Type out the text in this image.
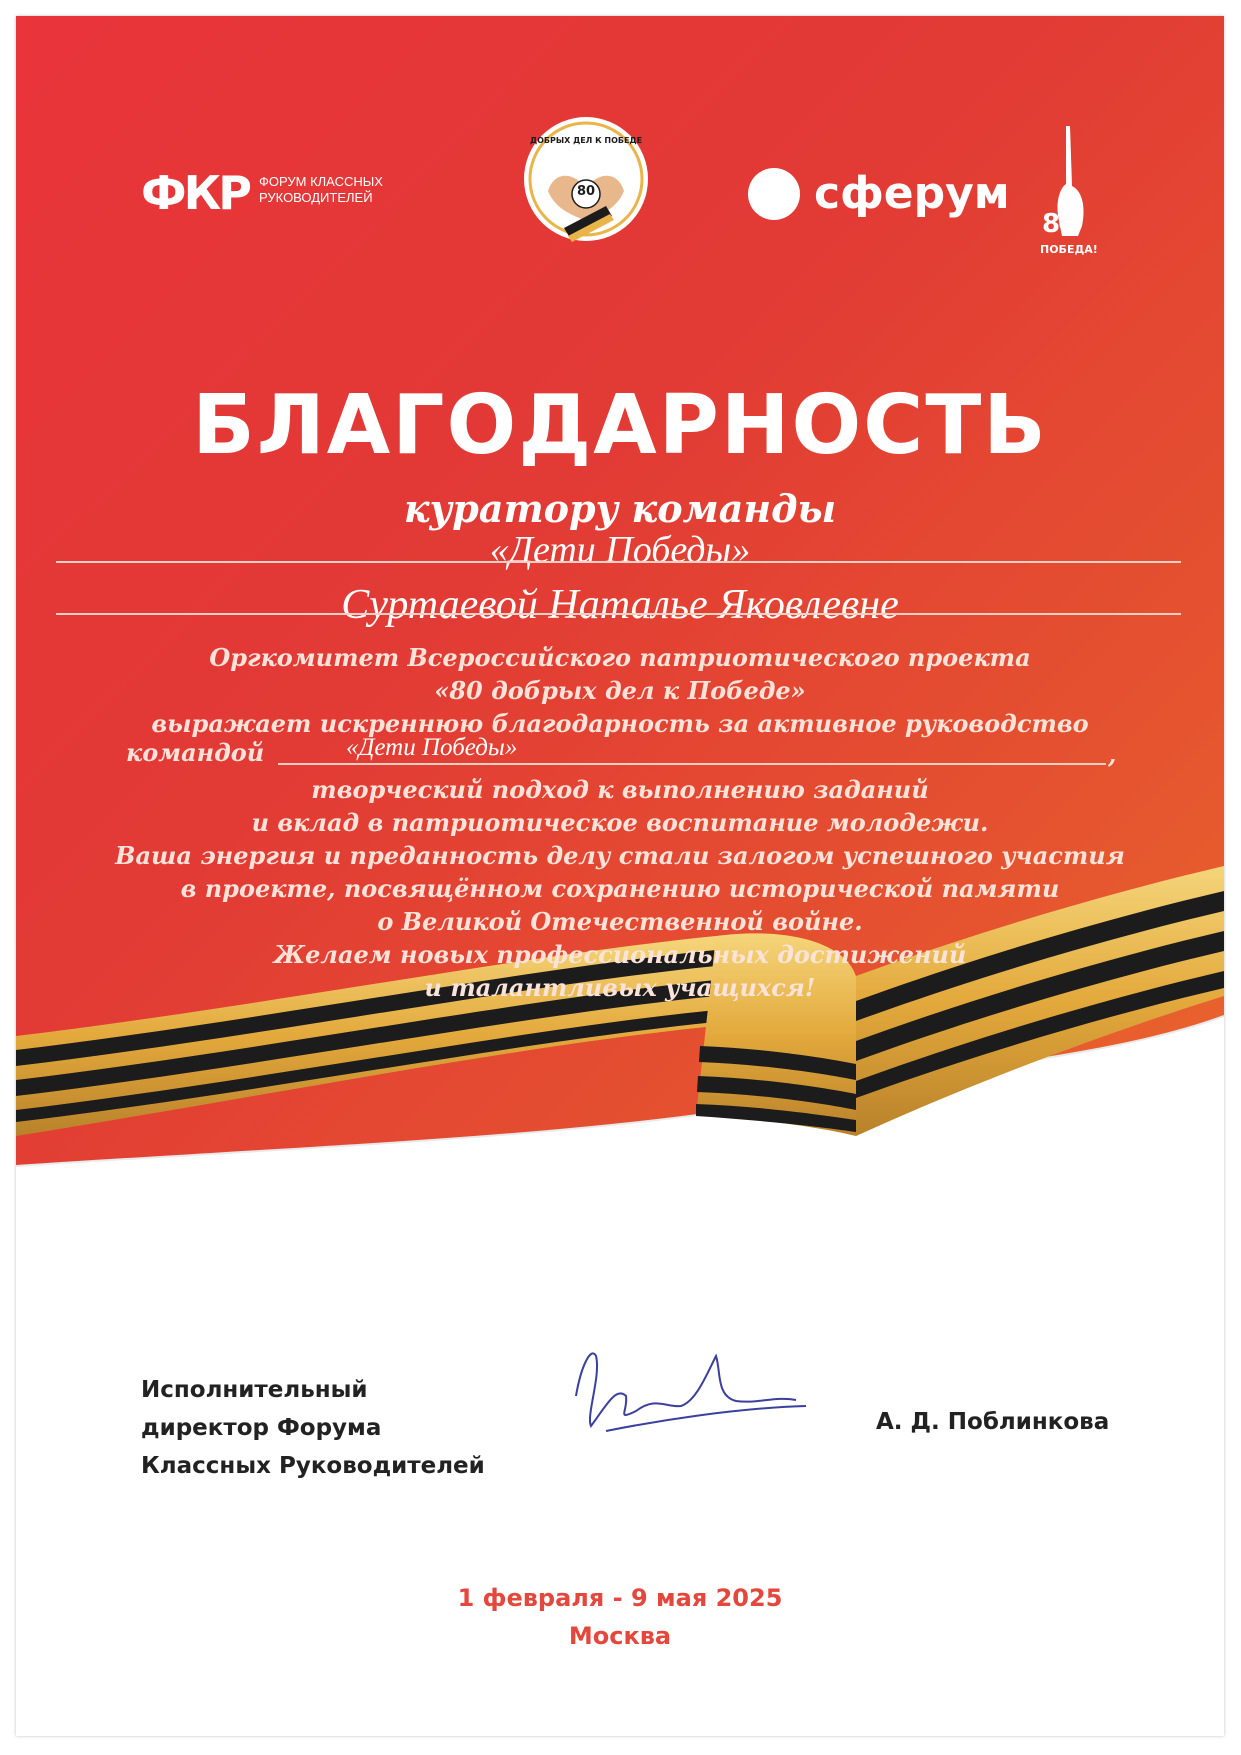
ФКР ФОРУМ КЛАССНЫХ РУКОВОДИТЕЛЕЙ
ДОБРЫХ ДЕЛ К ПОБЕДЕ
80	сферум
80
ПОБЕДА!
БЛАГОДАРНОСТЬ
куратору команды
«Дети Победы»
Суртаевой Наталье Яковлевне
Оргкомитет Всероссийского патриотического проекта
«80 добрых дел к Победе»
выражает искреннюю благодарность за активное руководство
командой	«Дети Победы»	,
творческий подход к выполнению заданий
и вклад в патриотическое воспитание молодежи.
Ваша энергия и преданность делу стали залогом успешного участия
в проекте, посвящённом сохранению исторической памяти
о Великой Отечественной войне.
Желаем новых профессиональных достижений
и талантливых учащихся!
Исполнительный
директор Форума
Классных Руководителей
А. Д. Поблинкова
1 февраля - 9 мая 2025
Москва
